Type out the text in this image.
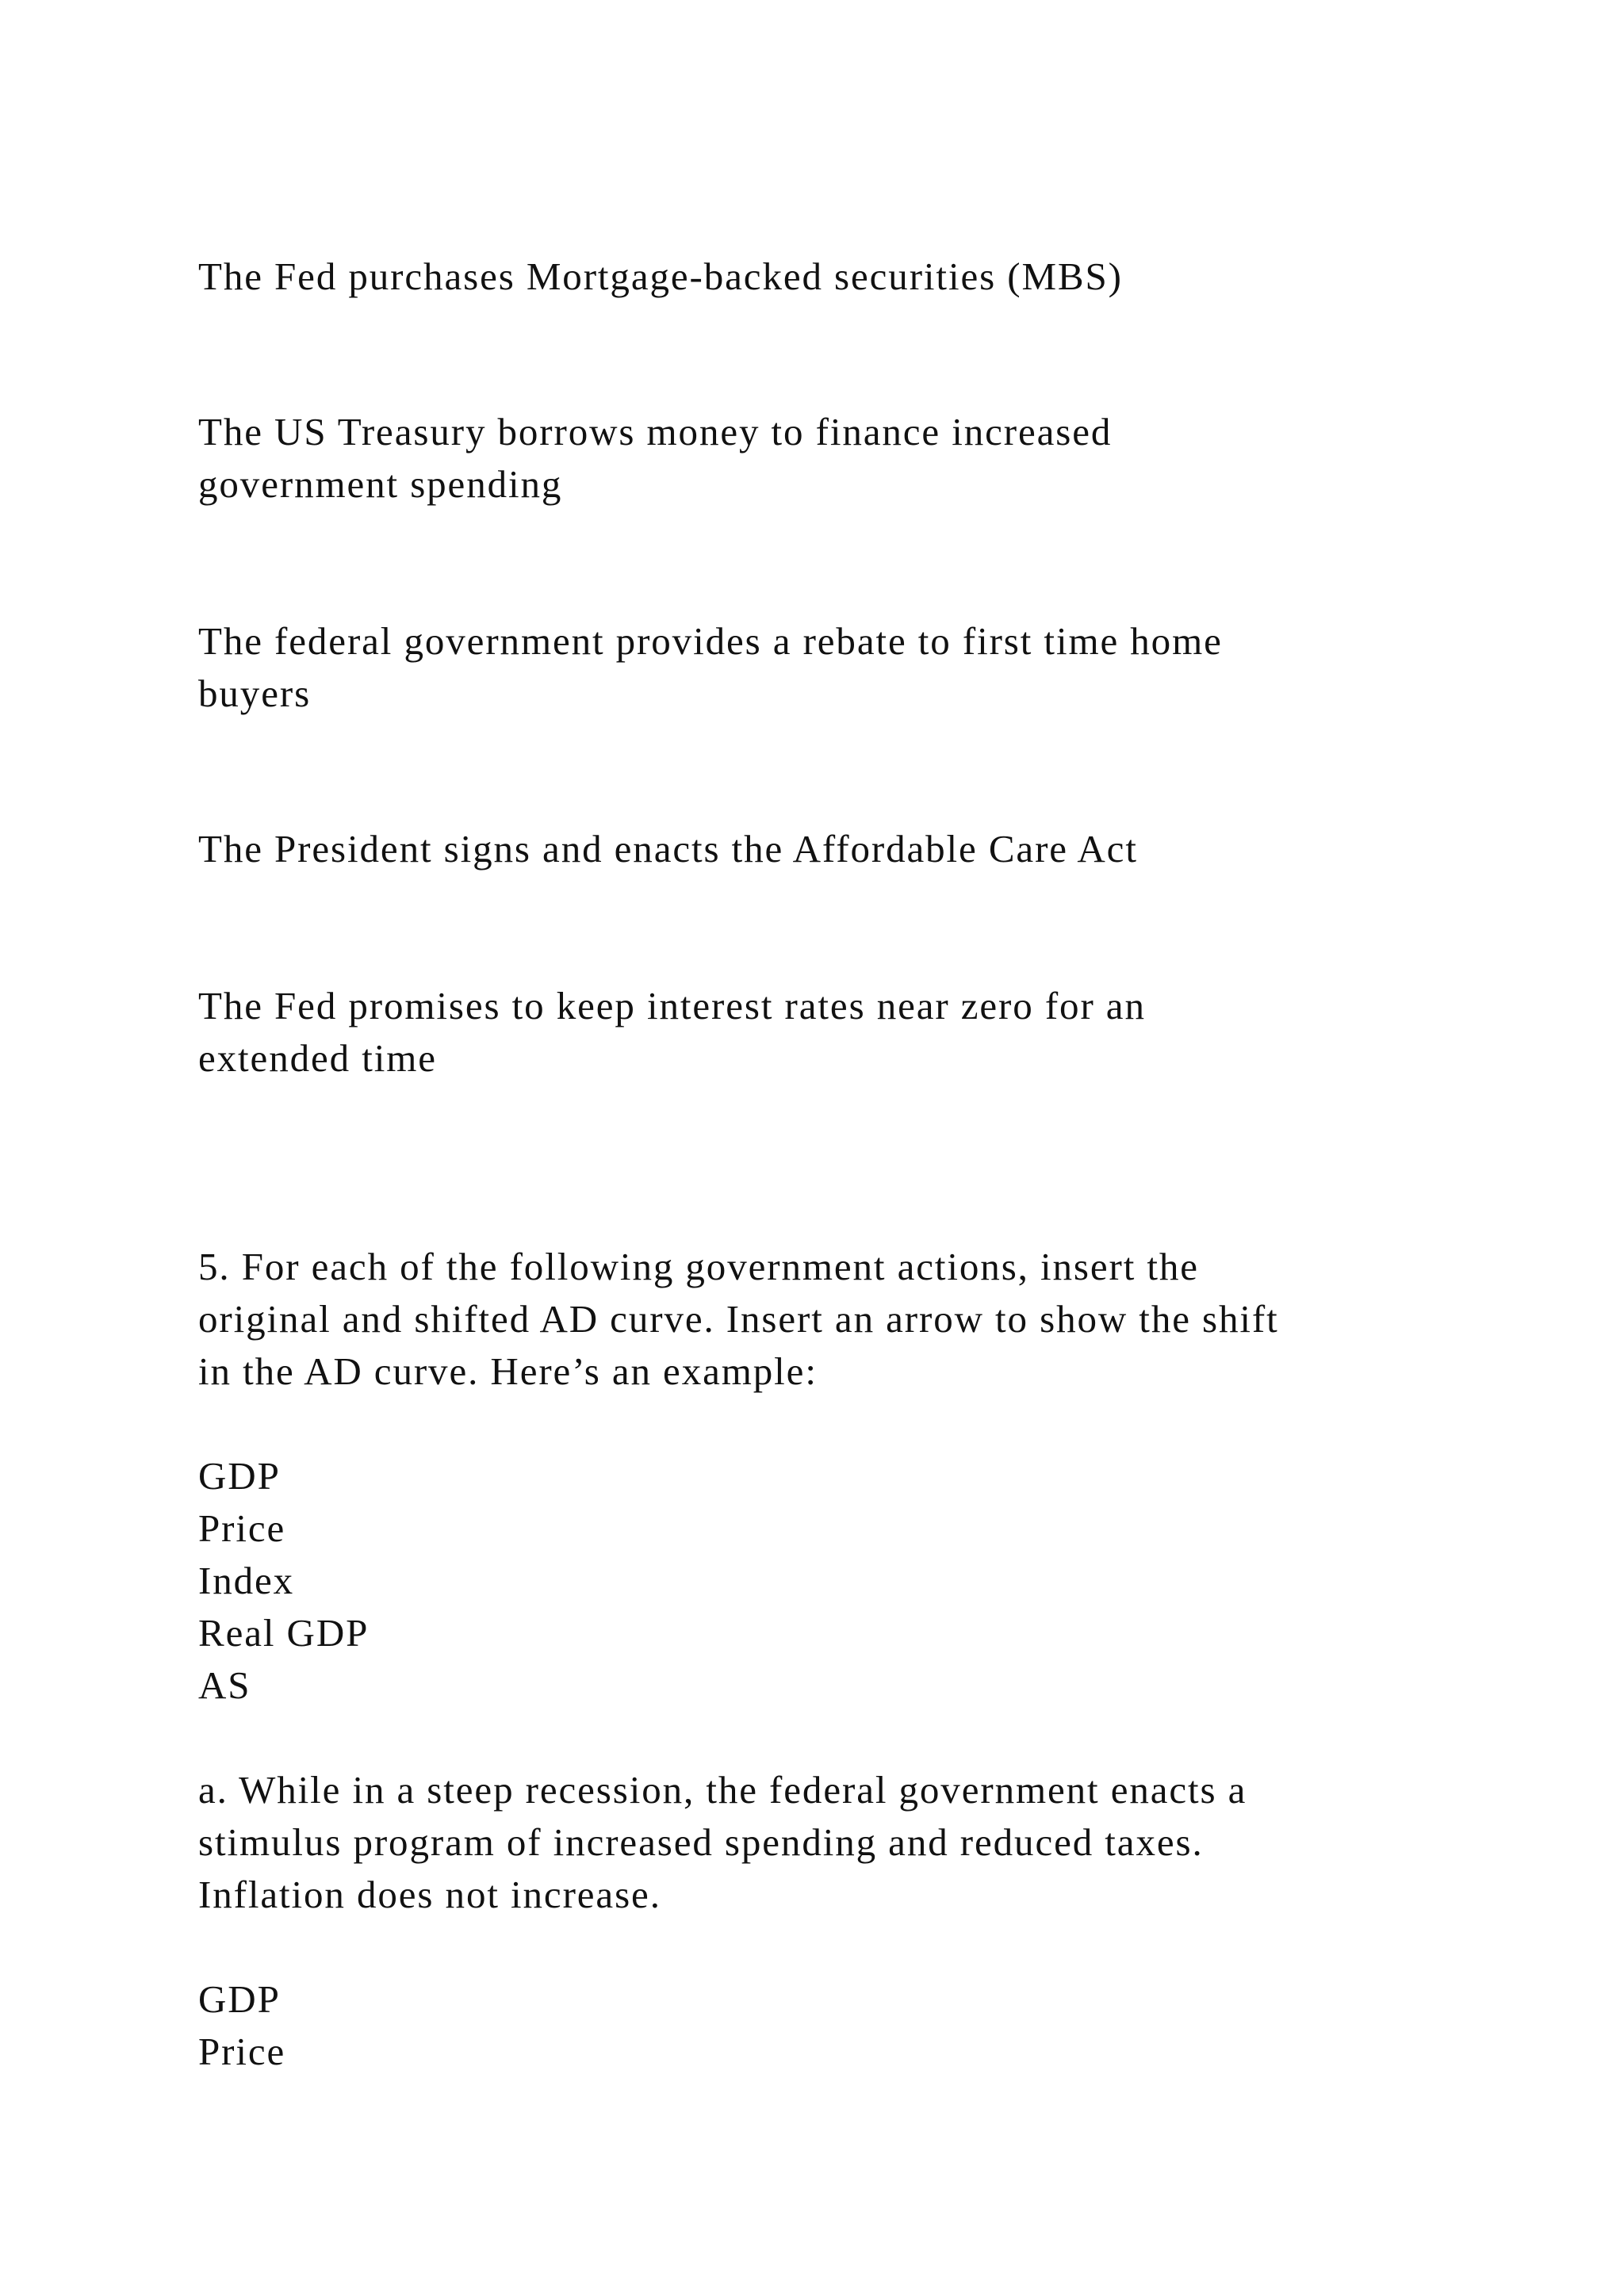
The Fed purchases Mortgage-backed securities (MBS)

The US Treasury borrows money to finance increased

government spending

The federal government provides a rebate to first time home

buyers

The President signs and enacts the Affordable Care Act

The Fed promises to keep interest rates near zero for an

extended time

5. For each of the following government actions, insert the

original and shifted AD curve. Insert an arrow to show the shift

in the AD curve. Here’s an example:

GDP

Price

Index

Real GDP

AS

a. While in a steep recession, the federal government enacts a

stimulus program of increased spending and reduced taxes.

Inflation does not increase.

GDP

Price
